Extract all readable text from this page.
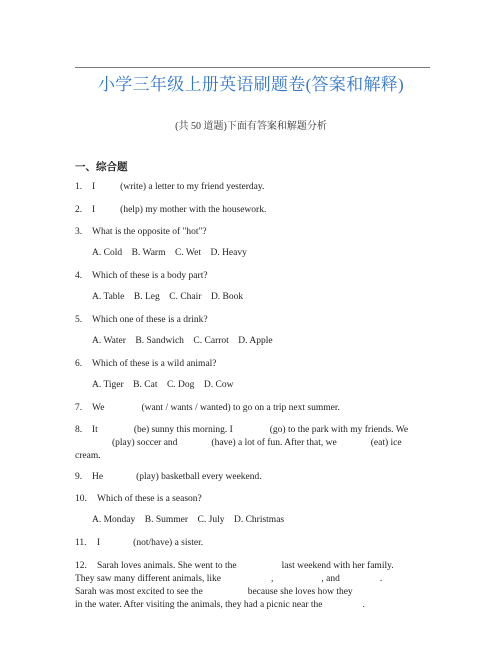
小学三年级上册英语刷题卷(答案和解释)
(共 50 道题)下面有答案和解题分析
一、综合题
1. I	(write) a letter to my friend yesterday.
2. I	(help) my mother with the housework.
3. What is the opposite of "hot"?
A. Cold    B. Warm    C. Wet    D. Heavy
4. Which of these is a body part?
A. Table    B. Leg    C. Chair    D. Book
5. Which one of these is a drink?
A. Water    B. Sandwich    C. Carrot    D. Apple
6. Which of these is a wild animal?
A. Tiger    B. Cat    C. Dog    D. Cow
7. We	(want / wants / wanted) to go on a trip next summer.
8. It	(be) sunny this morning. I	(go) to the park with my friends. We
(play) soccer and	(have) a lot of fun. After that, we	(eat) ice
cream.
9. He	(play) basketball every weekend.
10. Which of these is a season?
A. Monday    B. Summer    C. July    D. Christmas
11. I	(not/have) a sister.
12. Sarah loves animals. She went to the	last weekend with her family.
They saw many different animals, like	,	, and	.
Sarah was most excited to see the	because she loves how they
in the water. After visiting the animals, they had a picnic near the	.
